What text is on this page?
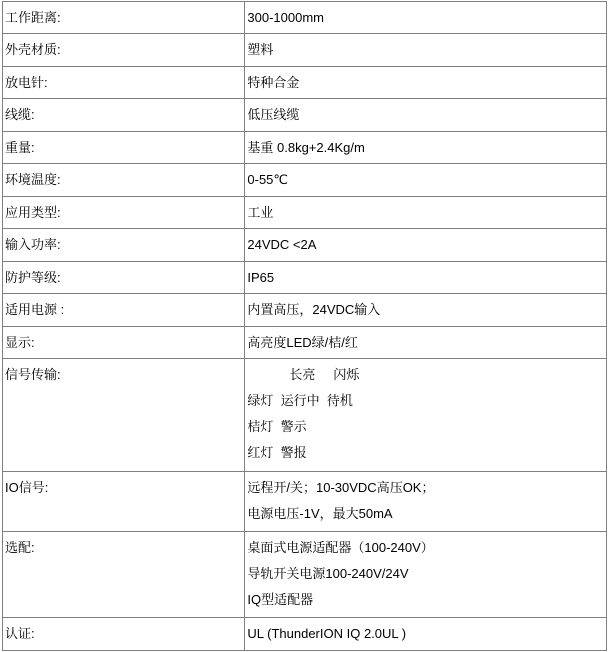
工作距离:	300-1000mm
外壳材质:	塑料
放电针:	特种合金
线缆:	低压线缆
重量:	基重 0.8kg+2.4Kg/m
环境温度:	0-55℃
应用类型:	工业
输入功率:	24VDC <2A
防护等级:	IP65
适用电源 :	内置高压，24VDC输入
显示:	高亮度LED绿/桔/红
信号传输:	长亮 闪烁
绿灯  运行中  待机
桔灯  警示
红灯  警报

IO信号:	远程开/关；10-30VDC高压OK；
电源电压-1V，最大50mA

选配:	桌面式电源适配器（100-240V）
导轨开关电源100-240V/24V
IQ型适配器

认证:	UL (ThunderION IQ 2.0UL )
